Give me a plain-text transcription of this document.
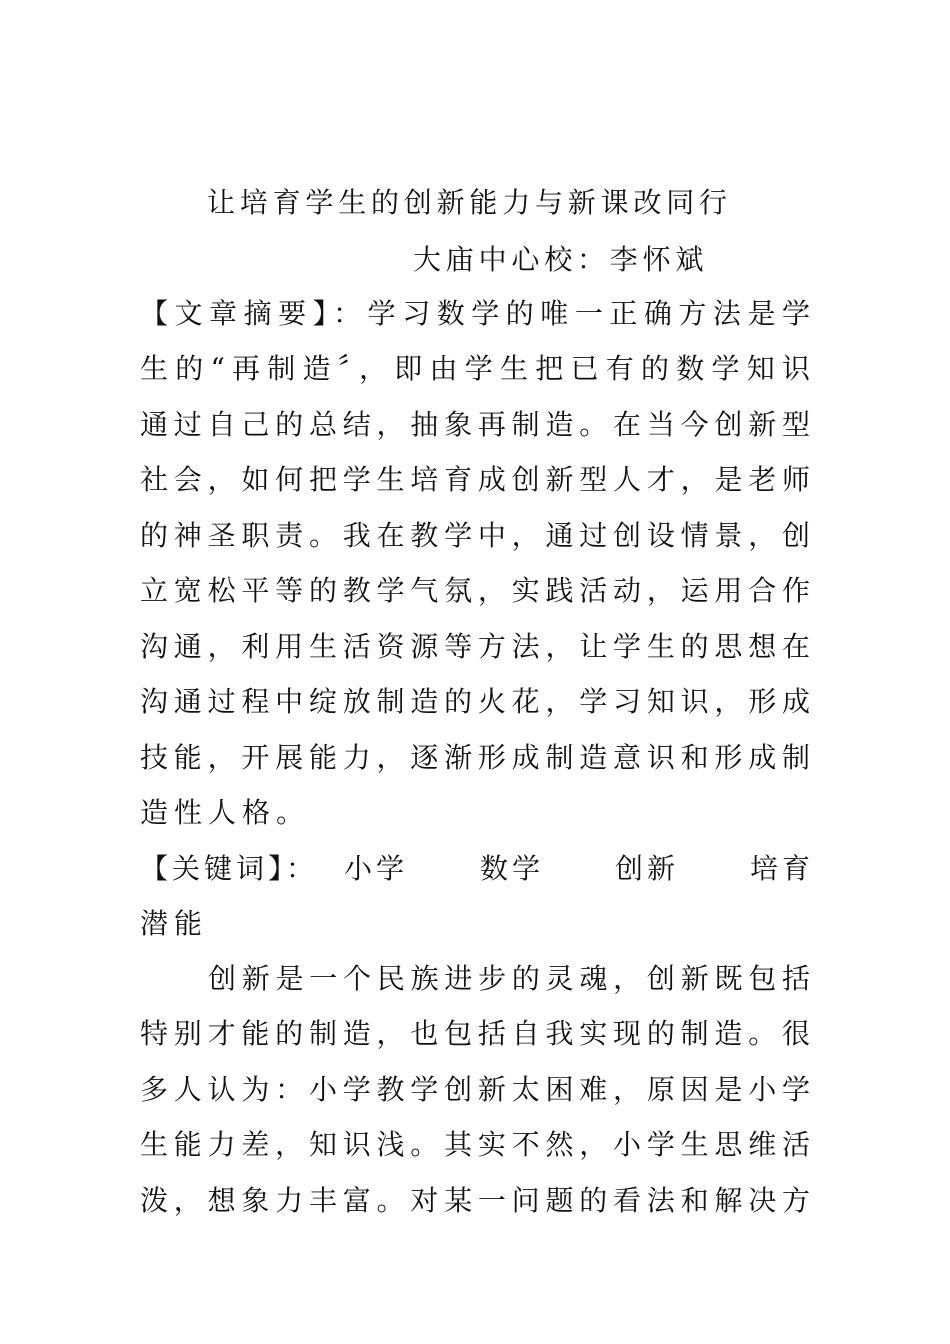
让培育学生的创新能力与新课改同行
大庙中心校：李怀斌
【文章摘要】：学习数学的唯一正确方法是学
生的“再制造〞，即由学生把已有的数学知识
通过自己的总结，抽象再制造。在当今创新型
社会，如何把学生培育成创新型人才，是老师
的神圣职责。我在教学中，通过创设情景，创
立宽松平等的教学气氛，实践活动，运用合作
沟通，利用生活资源等方法，让学生的思想在
沟通过程中绽放制造的火花，学习知识，形成
技能，开展能力，逐渐形成制造意识和形成制
造性人格。
【关键词】： 小学	数学	创新	培育
潜能
创新是一个民族进步的灵魂，创新既包括
特别才能的制造，也包括自我实现的制造。很
多人认为：小学教学创新太困难，原因是小学
生能力差，知识浅。其实不然，小学生思维活
泼，想象力丰富。对某一问题的看法和解决方
